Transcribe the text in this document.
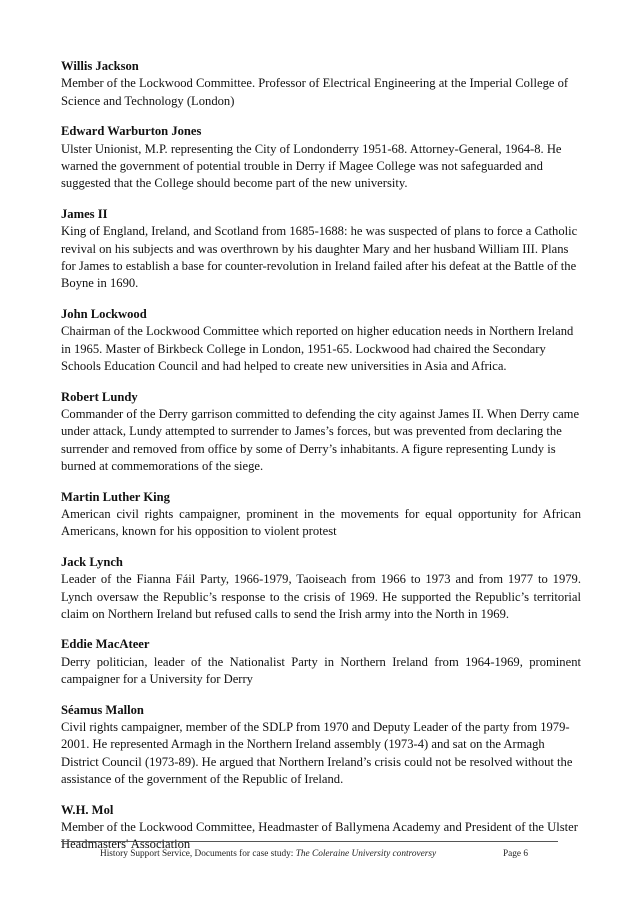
Willis Jackson
Member of the Lockwood Committee. Professor of Electrical Engineering at the Imperial College of Science and Technology (London)
Edward Warburton Jones
Ulster Unionist, M.P. representing the City of Londonderry 1951-68. Attorney-General, 1964-8. He warned the government of potential trouble in Derry if Magee College was not safeguarded and suggested that the College should become part of the new university.
James II
King of England, Ireland, and Scotland from 1685-1688: he was suspected of plans to force a Catholic revival on his subjects and was overthrown by his daughter Mary and her husband William III. Plans for James to establish a base for counter-revolution in Ireland failed after his defeat at the Battle of the Boyne in 1690.
John Lockwood
Chairman of the Lockwood Committee which reported on higher education needs in Northern Ireland in 1965. Master of Birkbeck College in London, 1951-65. Lockwood had chaired the Secondary Schools Education Council and had helped to create new universities in Asia and Africa.
Robert Lundy
Commander of the Derry garrison committed to defending the city against James II. When Derry came under attack, Lundy attempted to surrender to James’s forces, but was prevented from declaring the surrender and removed from office by some of Derry’s inhabitants. A figure representing Lundy is burned at commemorations of the siege.
Martin Luther King
American civil rights campaigner, prominent in the movements for equal opportunity for African Americans, known for his opposition to violent protest
Jack Lynch
Leader of the Fianna Fáil Party, 1966-1979, Taoiseach from 1966 to 1973 and from 1977 to 1979. Lynch oversaw the Republic’s response to the crisis of 1969. He supported the Republic’s territorial claim on Northern Ireland but refused calls to send the Irish army into the North in 1969.
Eddie MacAteer
Derry politician, leader of the Nationalist Party in Northern Ireland from 1964-1969, prominent campaigner for a University for Derry
Séamus Mallon
Civil rights campaigner, member of the SDLP from 1970 and Deputy Leader of the party from 1979-2001. He represented Armagh in the Northern Ireland assembly (1973-4) and sat on the Armagh District Council (1973-89). He argued that Northern Ireland’s crisis could not be resolved without the assistance of the government of the Republic of Ireland.
W.H. Mol
Member of the Lockwood Committee, Headmaster of Ballymena Academy and President of the Ulster Headmasters' Association
History Support Service, Documents for case study: The Coleraine University controversy	Page 6
